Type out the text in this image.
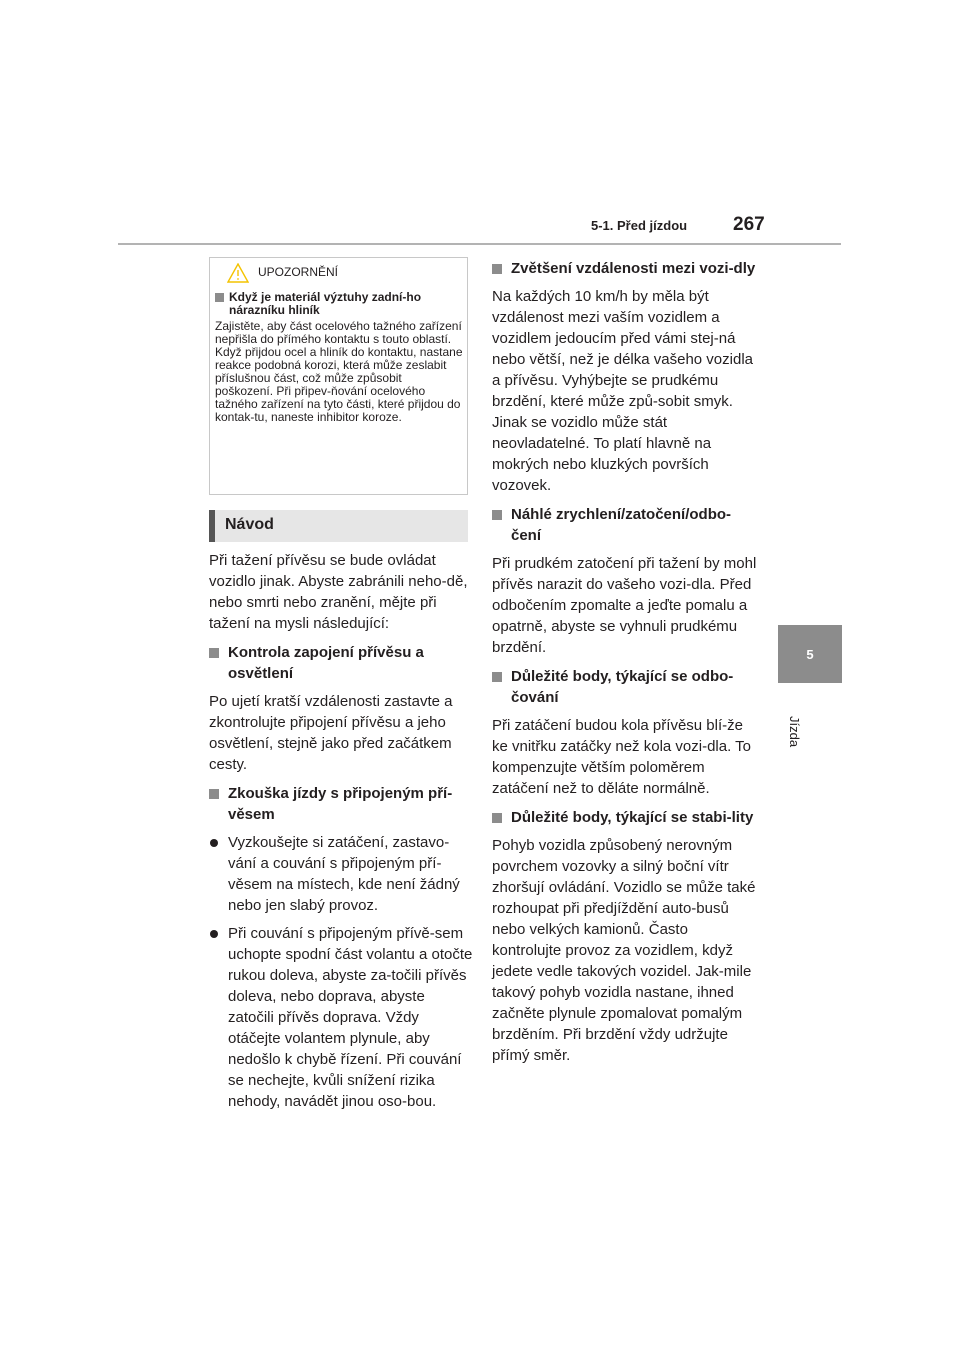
5-1. Před jízdou 267
5
Jízda
UPOZORNĚNÍ

Když je materiál výztuhy zadní-ho nárazníku hliník

Zajistěte, aby část ocelového tažného zařízení nepřišla do přímého kontaktu s touto oblastí.

Když přijdou ocel a hliník do kontaktu, nastane reakce podobná korozi, která může zeslabit příslušnou část, což může způsobit poškození. Při připev-ňování ocelového tažného zařízení na tyto části, které přijdou do kontak-tu, naneste inhibitor koroze.

Návod

Při tažení přívěsu se bude ovládat vozidlo jinak. Abyste zabránili neho-dě, nebo smrti nebo zranění, mějte při tažení na mysli následující:

Kontrola zapojení přívěsu a osvětlení

Po ujetí kratší vzdálenosti zastavte a zkontrolujte připojení přívěsu a jeho osvětlení, stejně jako před začátkem cesty.

Zkouška jízdy s připojeným pří-věsem

Vyzkoušejte si zatáčení, zastavo-vání a couvání s připojeným pří-věsem na místech, kde není žádný nebo jen slabý provoz.

Při couvání s připojeným přívě-sem uchopte spodní část volantu a otočte rukou doleva, abyste za-točili přívěs doleva, nebo doprava, abyste zatočili přívěs doprava. Vždy otáčejte volantem plynule, aby nedošlo k chybě řízení. Při couvání se nechejte, kvůli snížení rizika nehody, navádět jinou oso-bou.

Zvětšení vzdálenosti mezi vozi-dly

Na každých 10 km/h by měla být vzdálenost mezi vaším vozidlem a vozidlem jedoucím před vámi stej-ná nebo větší, než je délka vašeho vozidla a přívěsu. Vyhýbejte se prudkému brzdění, které může způ-sobit smyk. Jinak se vozidlo může stát neovladatelné. To platí hlavně na mokrých nebo kluzkých površích vozovek.

Náhlé zrychlení/zatočení/odbo-čení

Při prudkém zatočení při tažení by mohl přívěs narazit do vašeho vozi-dla. Před odbočením zpomalte a jeďte pomalu a opatrně, abyste se vyhnuli prudkému brzdění.

Důležité body, týkající se odbo-čování

Při zatáčení budou kola přívěsu blí-že ke vnitřku zatáčky než kola vozi-dla. To kompenzujte větším poloměrem zatáčení než to děláte normálně.

Důležité body, týkající se stabi-lity

Pohyb vozidla způsobený nerovným povrchem vozovky a silný boční vítr zhoršují ovládání. Vozidlo se může také rozhoupat při předjíždění auto-busů nebo velkých kamionů. Často kontrolujte provoz za vozidlem, když jedete vedle takových vozidel. Jak-mile takový pohyb vozidla nastane, ihned začněte plynule zpomalovat pomalým brzděním. Při brzdění vždy udržujte přímý směr.
